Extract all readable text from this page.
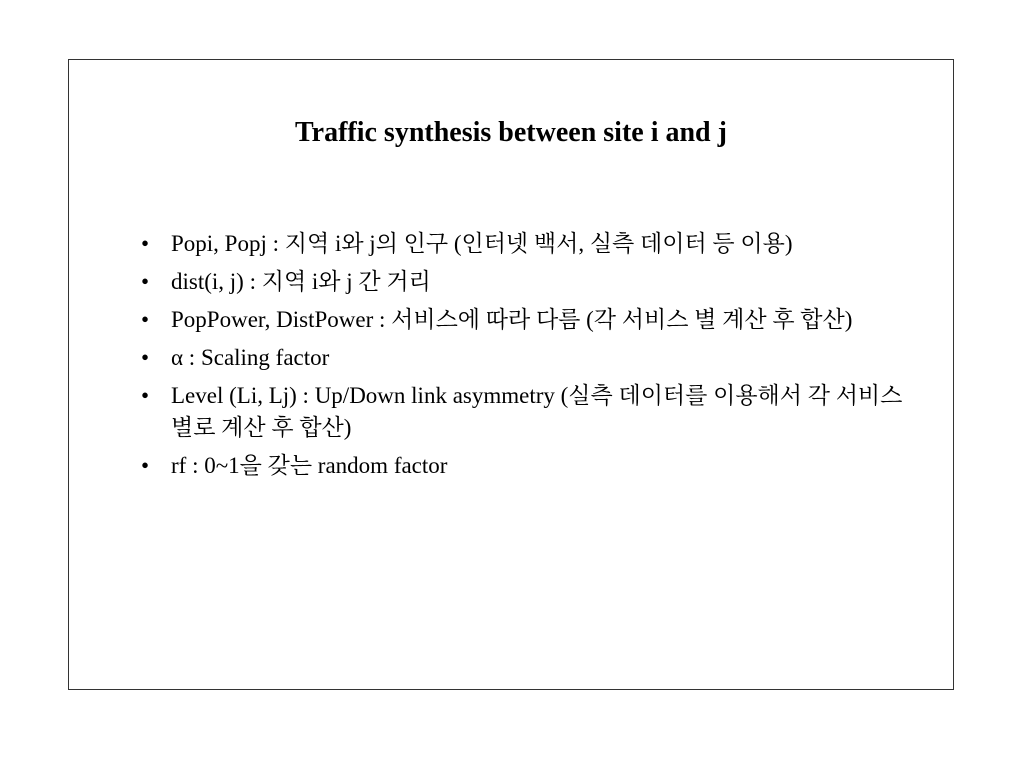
Traffic synthesis between site i and j
• Popi, Popj : 지역 i와 j의 인구 (인터넷 백서, 실측 데이터 등 이용)
• dist(i, j) : 지역 i와 j 간 거리
• PopPower, DistPower : 서비스에 따라 다름 (각 서비스 별 계산 후 합산)
• α : Scaling factor
• Level (Li, Lj) : Up/Down link asymmetry (실측 데이터를 이용해서 각 서비스별로 계산 후 합산)
• rf : 0~1을 갖는 random factor
